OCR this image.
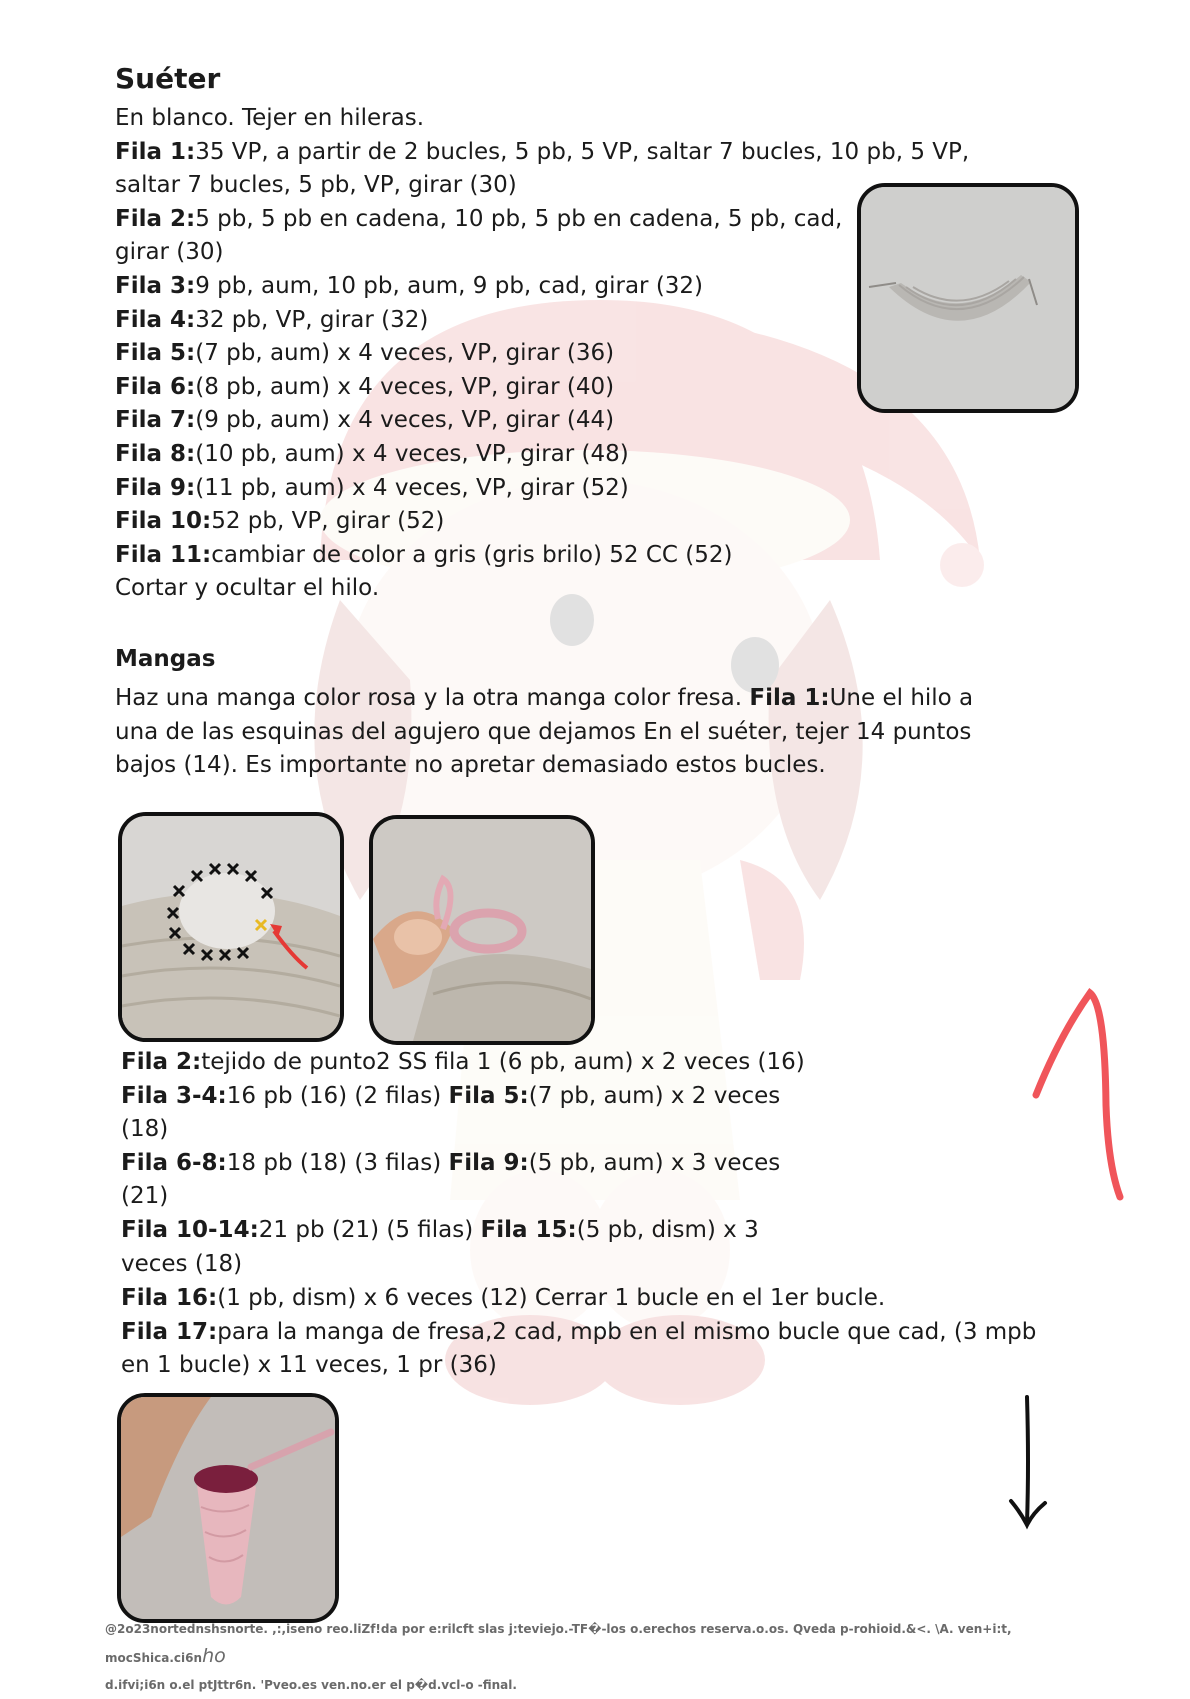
Suéter

En blanco. Tejer en hileras.

Fila 1:35 VP, a partir de 2 bucles, 5 pb, 5 VP, saltar 7 bucles, 10 pb, 5 VP, saltar 7 bucles, 5 pb, VP, girar (30)

Fila 2:5 pb, 5 pb en cadena, 10 pb, 5 pb en cadena, 5 pb, cad, girar (30)

Fila 3:9 pb, aum, 10 pb, aum, 9 pb, cad, girar (32)

Fila 4:32 pb, VP, girar (32)

Fila 5:(7 pb, aum) x 4 veces, VP, girar (36)

Fila 6:(8 pb, aum) x 4 veces, VP, girar (40)

Fila 7:(9 pb, aum) x 4 veces, VP, girar (44)

Fila 8:(10 pb, aum) x 4 veces, VP, girar (48)

Fila 9:(11 pb, aum) x 4 veces, VP, girar (52)

Fila 10:52 pb, VP, girar (52)

Fila 11:cambiar de color a gris (gris brilo) 52 CC (52)

Cortar y ocultar el hilo.

Mangas

Haz una manga color rosa y la otra manga color fresa. Fila 1:Une el hilo a una de las esquinas del agujero que dejamos En el suéter, tejer 14 puntos bajos (14). Es importante no apretar demasiado estos bucles.

Fila 2:tejido de punto2 SS fila 1 (6 pb, aum) x 2 veces (16)

Fila 3-4:16 pb (16) (2 filas) Fila 5:(7 pb, aum) x 2 veces (18)

Fila 6-8:18 pb (18) (3 filas) Fila 9:(5 pb, aum) x 3 veces (21)

Fila 10-14:21 pb (21) (5 filas) Fila 15:(5 pb, dism) x 3 veces (18)

Fila 16:(1 pb, dism) x 6 veces (12) Cerrar 1 bucle en el 1er bucle.

Fila 17:para la manga de fresa,2 cad, mpb en el mismo bucle que cad, (3 mpb en 1 bucle) x 11 veces, 1 pr (36)

@2o23nortednshsnorte. ,:,iseno reo.liZf!da por e:rilcft slas j:teviejo.-TF�-los o.erechos reserva.o.os. Qveda p-rohioid.&<. \A. ven+i:t, mocShica.ci6nho

d.ifvi;i6n o.el ptJttr6n. 'Pveo.es ven.no.er el p�d.vcl-o -final.
